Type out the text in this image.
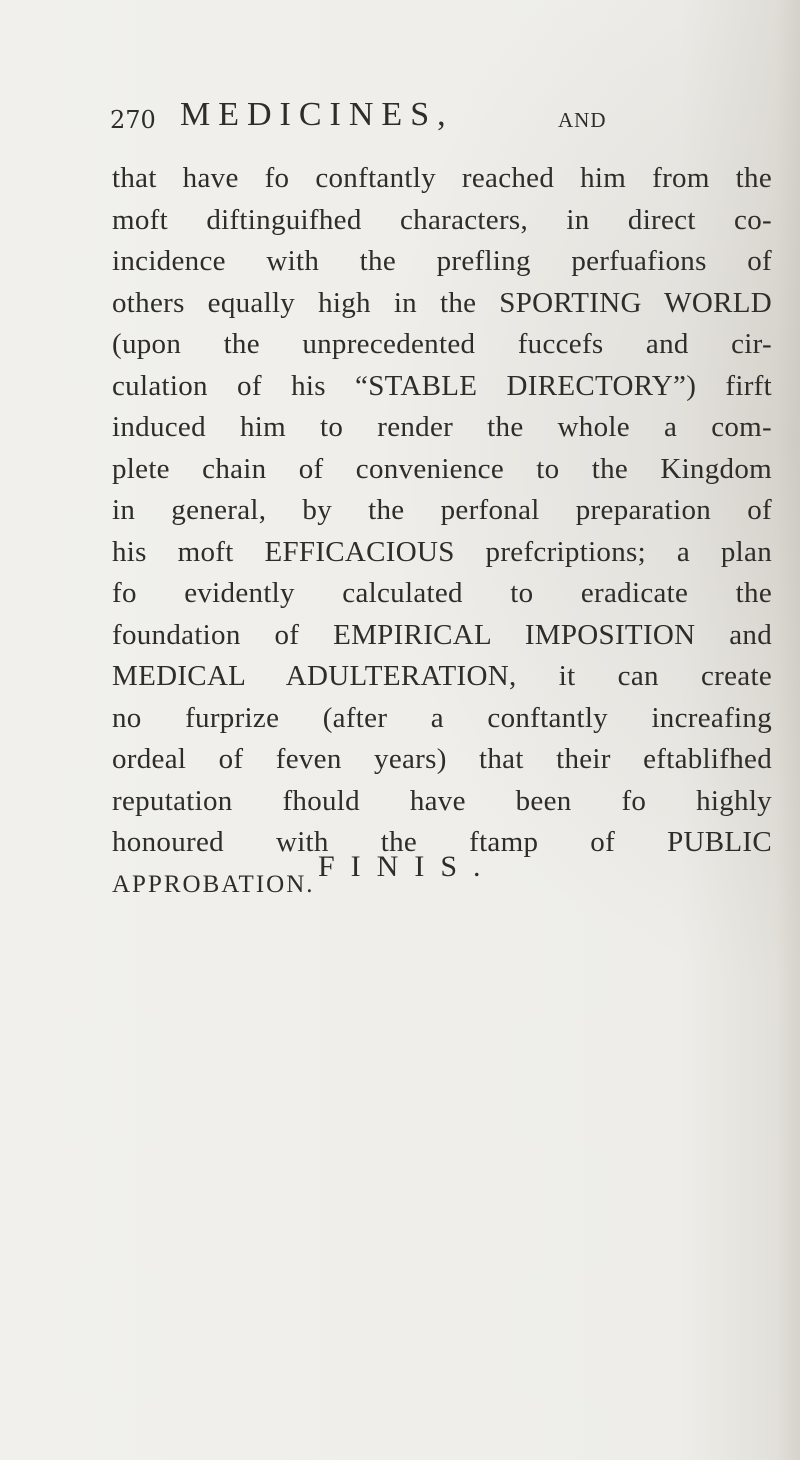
270 MEDICINES,	AND
that have fo conftantly reached him from the
moft diftinguifhed characters, in direct co-
incidence with the prefling perfuafions of
others equally high in the SPORTING WORLD
(upon the unprecedented fuccefs and cir-
culation of his “STABLE DIRECTORY”) firft
induced him to render the whole a com-
plete chain of convenience to the Kingdom
in general, by the perfonal preparation of
his moft EFFICACIOUS prefcriptions; a plan
fo evidently calculated to eradicate the
foundation of EMPIRICAL IMPOSITION and
MEDICAL ADULTERATION, it can create
no furprize (after a conftantly increafing
ordeal of feven years) that their eftablifhed
reputation fhould have been fo highly
honoured with the ftamp of PUBLIC
APPROBATION.
FINIS.
